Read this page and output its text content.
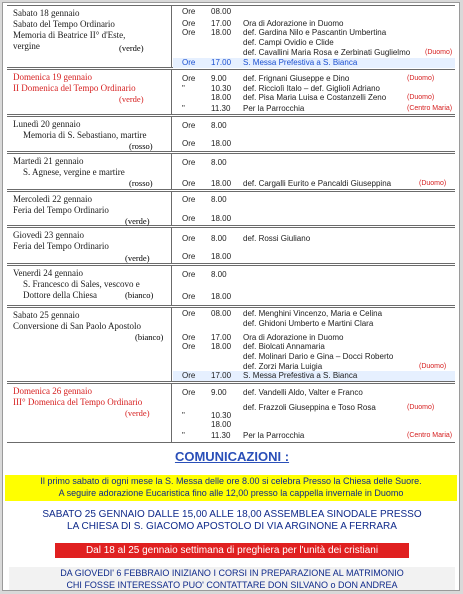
Sabato 18 gennaio
Sabato del Tempo Ordinario
Memoria di Beatrice II° d'Este,
vergine	(verde)
Ore 08.00
Ore 17.00 Ora di Adorazione in Duomo
Ore 18.00 def. Gardina Nilo e Pascantin Umbertina
def. Campi Ovidio e Clide
def. Cavallini Maria Rosa e Zerbinati Guglielmo (Duomo)
Ore 17.00 S. Messa Prefestiva a S. Bianca
Domenica 19 gennaio
II Domenica del Tempo Ordinario
(verde)
Ore 9.00 def. Frignani Giuseppe e Dino	(Duomo)
"	10.30 def. Ricciolì Italo – def. Gigliolì Adriano
18.00 def. Pisa Maria Luisa e Costanzelli Zeno	(Duomo)
"	11.30 Per la Parrocchia	(Centro Maria)
Lunedì 20 gennaio
Memoria di S. Sebastiano, martire
(rosso)
Ore 8.00
Ore 18.00
Martedì 21 gennaio
S. Agnese, vergine e martire
(rosso)
Ore 8.00
Ore 18.00 def. Cargalli Eurito e Pancaldi Giuseppina	(Duomo)
Mercoledì 22 gennaio
Feria del Tempo Ordinario
(verde)
Ore 8.00
Ore 18.00
Giovedì 23 gennaio
Feria del Tempo Ordinario
(verde)
Ore 8.00 def. Rossi Giuliano
Ore 18.00
Venerdì 24 gennaio
S. Francesco di Sales, vescovo e
Dottore della Chiesa	(bianco)
Ore 8.00
Ore 18.00
Sabato 25 gennaio
Conversione di San Paolo Apostolo
(bianco)
Ore 08.00 def. Menghini Vincenzo, Maria e Celina
def. Ghidoni Umberto e Martini Clara
Ore 17.00 Ora di Adorazione in Duomo
Ore 18.00 def. Biolcati Annamaria
def. Molinari Dario e Gina – Docci Roberto
def. Zorzi Maria Luigia	(Duomo)
Ore 17.00 S. Messa Prefestiva a S. Bianca
Domenica 26 gennaio
III° Domenica del Tempo Ordinario
(verde)
Ore 9.00 def. Vandelli Aldo, Valter e Franco
def. Frazzoli Giuseppina e Toso Rosa	(Duomo)
"	10.30
18.00
"	11.30 Per la Parrocchia	(Centro Maria)
COMUNICAZIONI :
Il primo sabato di ogni mese la S. Messa delle ore 8.00 si celebra Presso la Chiesa delle Suore.
A seguire adorazione Eucaristica fino alle 12,00 presso la cappella invernale in Duomo
SABATO 25 GENNAIO DALLE 15,00 ALLE 18,00 ASSEMBLEA SINODALE PRESSO
LA CHIESA DI S. GIACOMO APOSTOLO DI VIA ARGINONE A FERRARA
Dal 18 al 25 gennaio settimana di preghiera per l'unità dei cristiani
DA GIOVEDI' 6 FEBBRAIO INIZIANO I CORSI IN PREPARAZIONE AL MATRIMONIO
CHI FOSSE INTERESSATO PUO' CONTATTARE DON SILVANO o DON ANDREA
